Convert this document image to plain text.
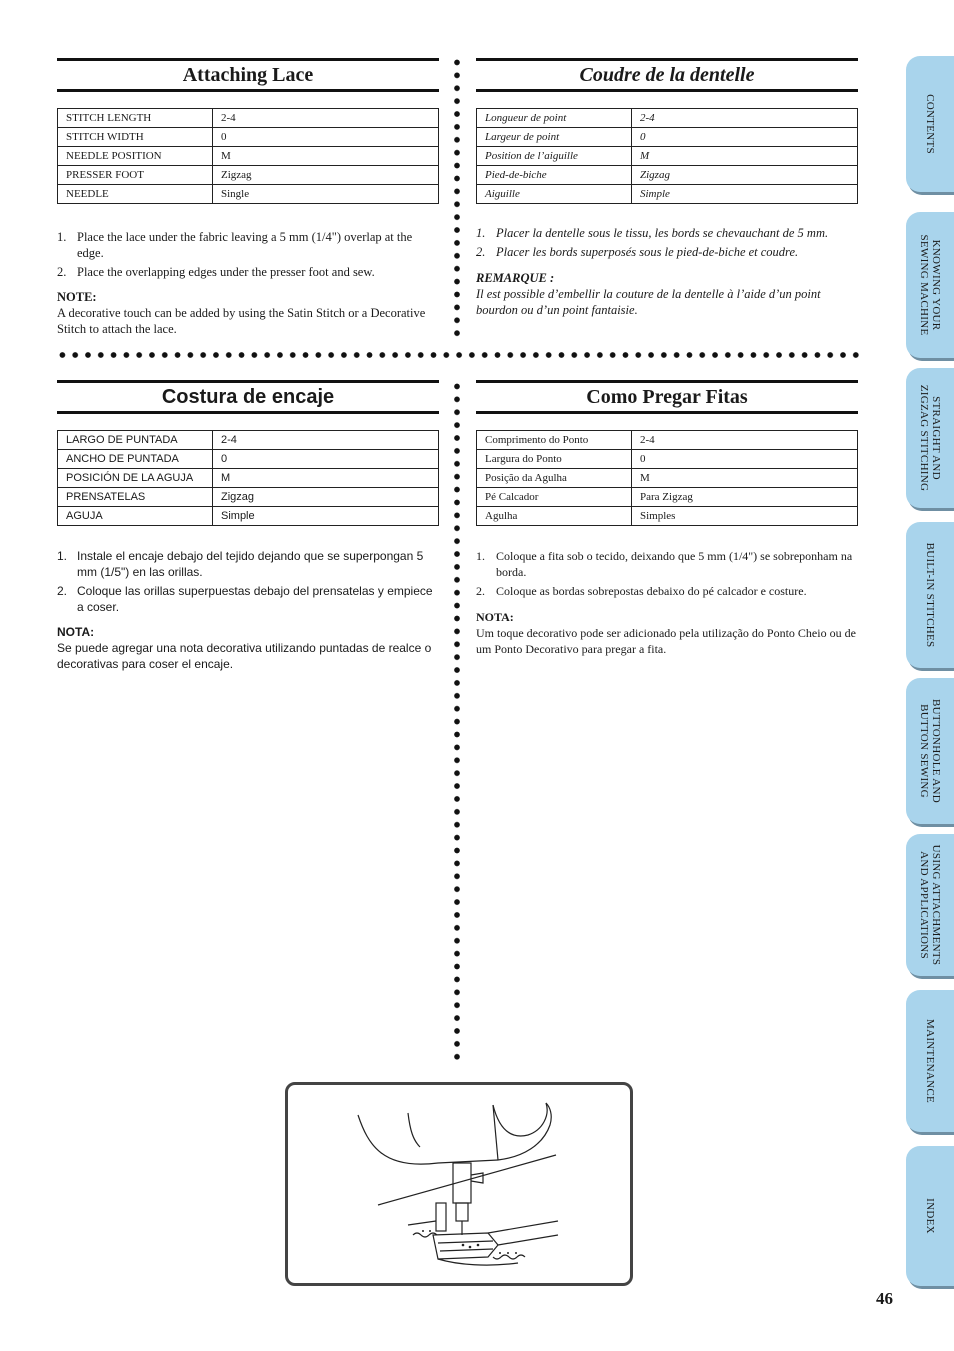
Attaching Lace
STITCH LENGTH	2-4
STITCH WIDTH	0
NEEDLE POSITION	M
PRESSER FOOT	Zigzag
NEEDLE	Single
1. Place the lace under the fabric leaving a 5 mm (1/4") overlap at the edge.
2. Place the overlapping edges under the presser foot and sew.
NOTE:
A decorative touch can be added by using the Satin Stitch or a Decorative Stitch to attach the lace.
Coudre de la dentelle
Longueur de point	2-4
Largeur de point	0
Position de l’aiguille	M
Pied-de-biche	Zigzag
Aiguille	Simple
1. Placer la dentelle sous le tissu, les bords se chevauchant de 5 mm.
2. Placer les bords superposés sous le pied-de-biche et coudre.
REMARQUE :
Il est possible d’embellir la couture de la dentelle à l’aide d’un point bourdon ou d’un point fantaisie.
Costura de encaje
LARGO DE PUNTADA	2-4
ANCHO DE PUNTADA	0
POSICIÓN DE LA AGUJA	M
PRENSATELAS	Zigzag
AGUJA	Simple
1. Instale el encaje debajo del tejido dejando que se superpongan 5 mm (1/5") en las orillas.
2. Coloque las orillas superpuestas debajo del prensatelas y empiece a coser.
NOTA:
Se puede agregar una nota decorativa utilizando puntadas de realce o decorativas para coser el encaje.
Como Pregar Fitas
Comprimento do Ponto	2-4
Largura do Ponto	0
Posição da Agulha	M
Pé Calcador	Para Zigzag
Agulha	Simples
1. Coloque a fita sob o tecido, deixando que 5 mm (1/4") se sobreponham na borda.
2. Coloque as bordas sobrepostas debaixo do pé calcador e costure.
NOTA:
Um toque decorativo pode ser adicionado pela utilização do Ponto Cheio ou de um Ponto Decorativo para pregar a fita.
CONTENTS
KNOWING YOUR
SEWING MACHINE
STRAIGHT AND
ZIGZAG STITCHING
BUILT-IN STITCHES
BUTTONHOLE AND
BUTTON SEWING
USING ATTACHMENTS
AND APPLICATIONS
MAINTENANCE
INDEX
46
